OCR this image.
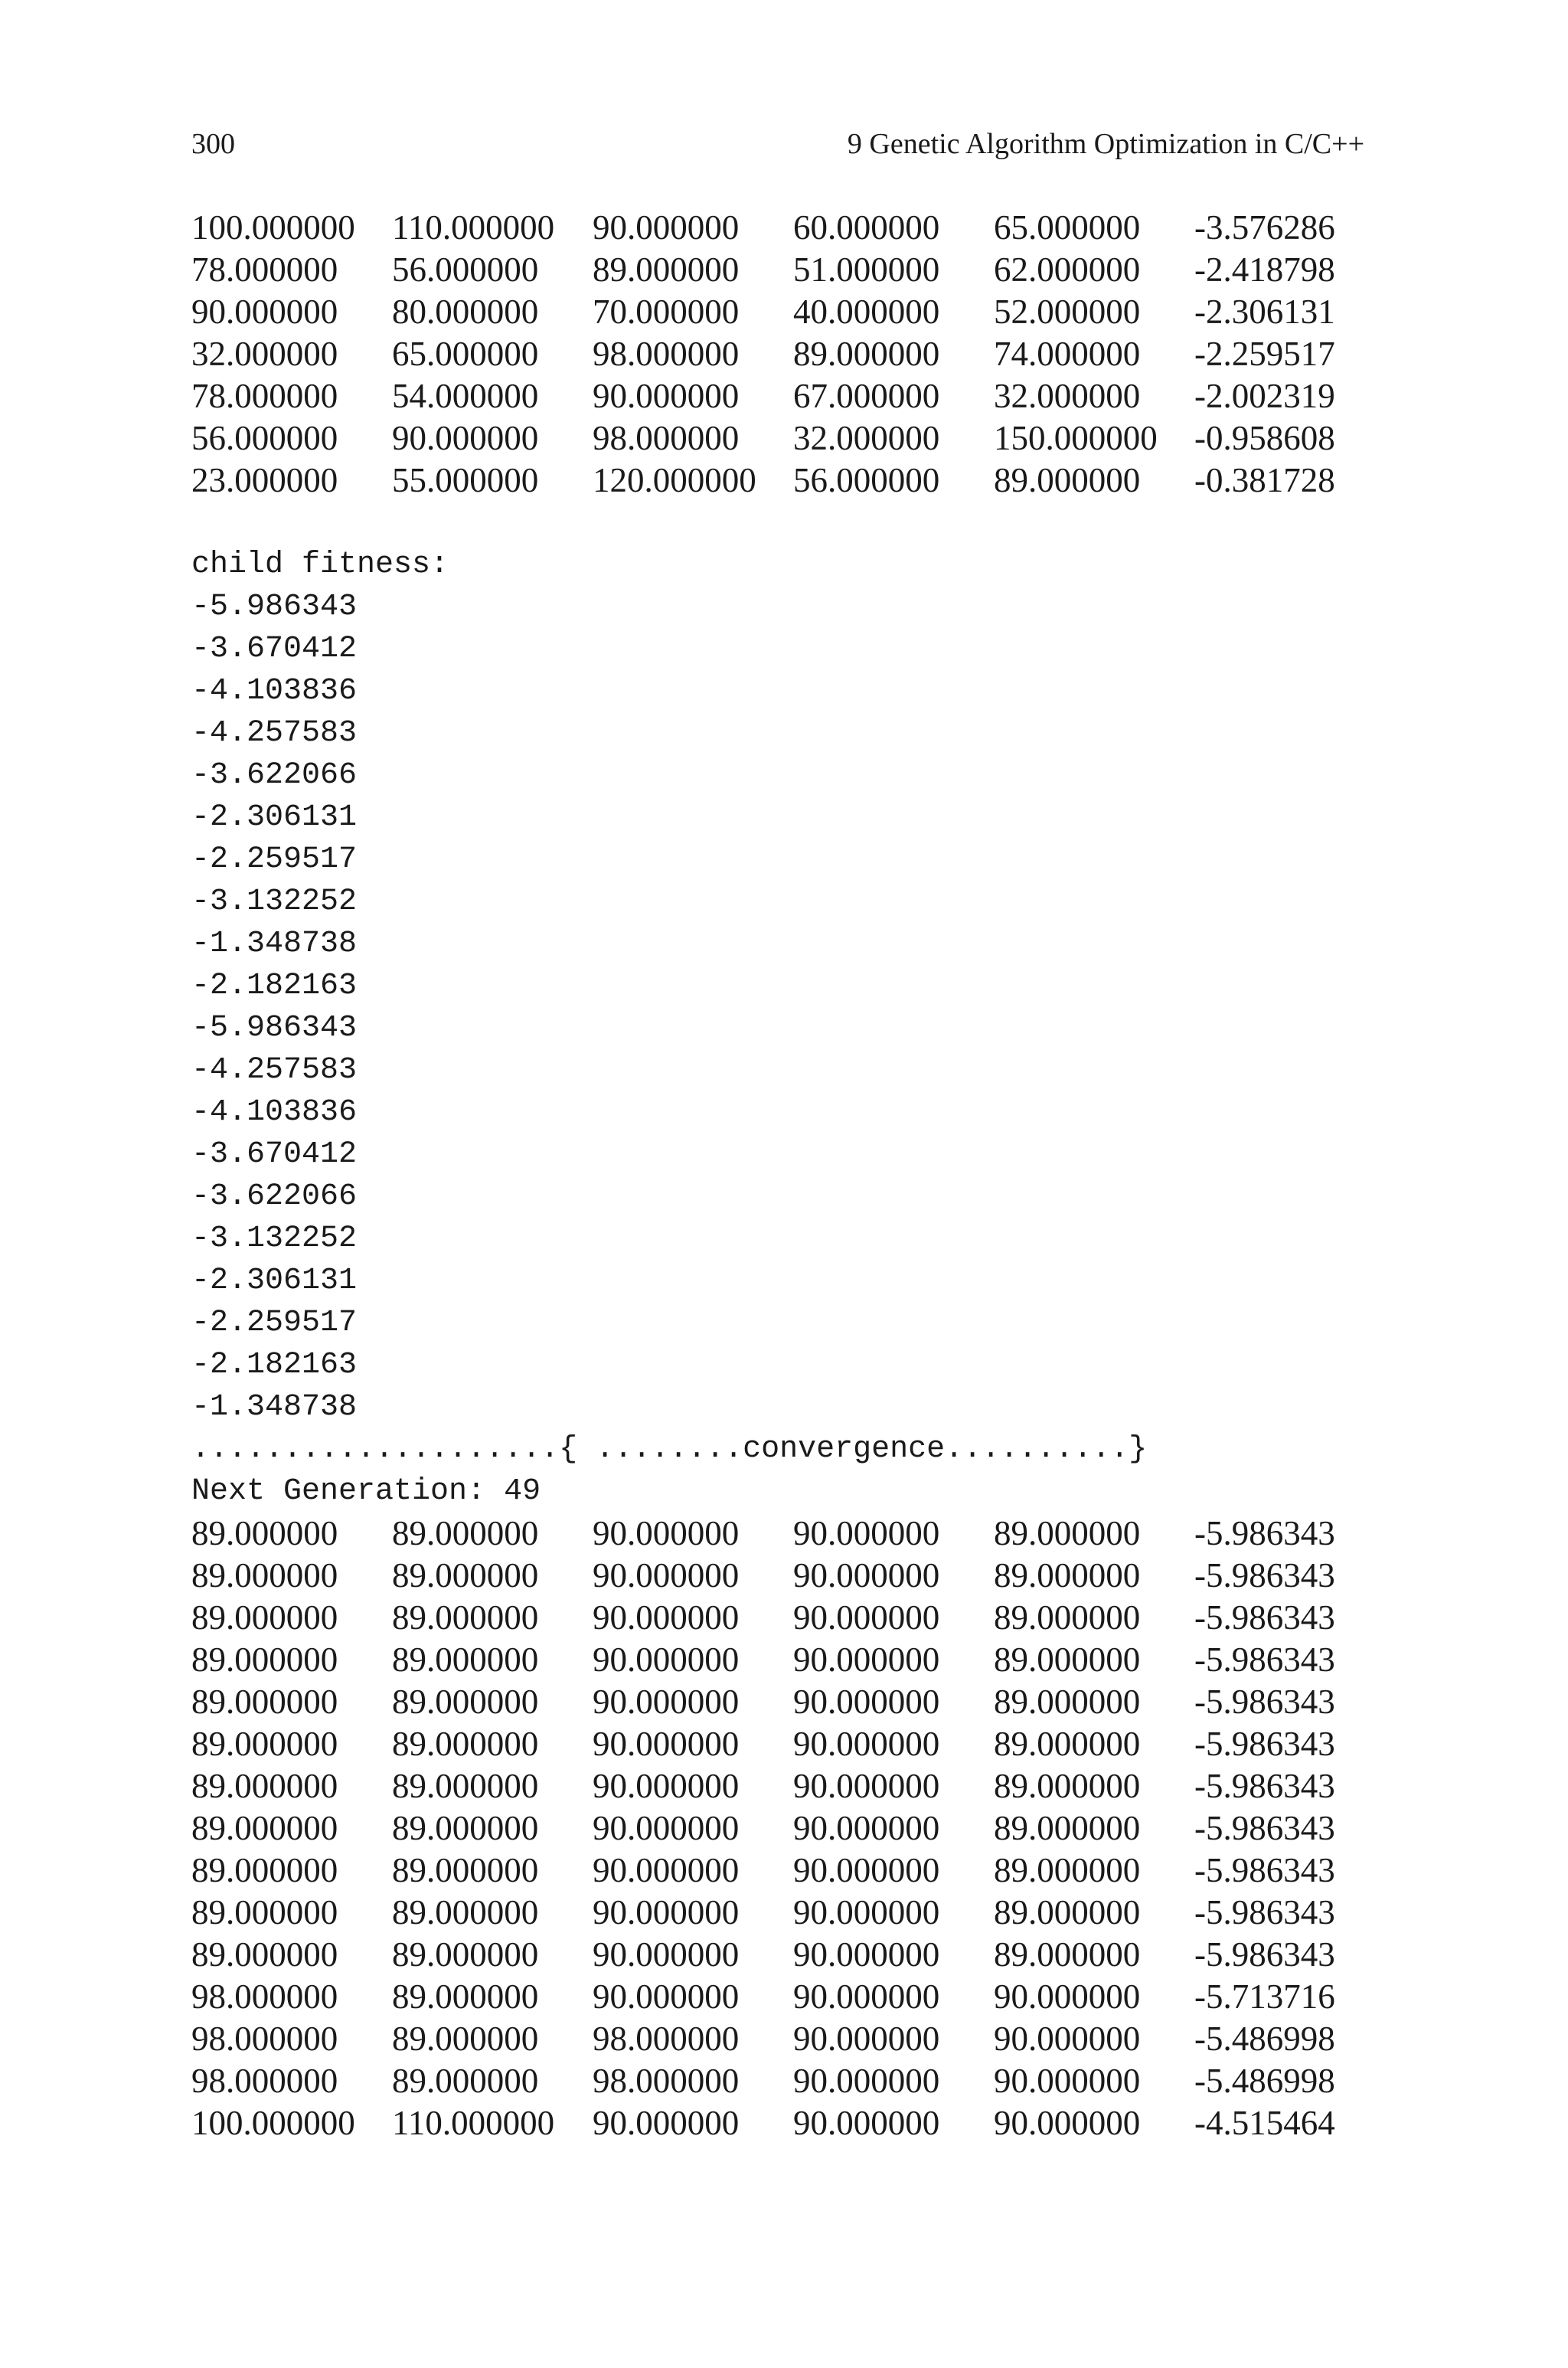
300	9 Genetic Algorithm Optimization in C/C++
100.000000 110.000000 90.000000 60.000000 65.000000 -3.576286
78.000000 56.000000 89.000000 51.000000 62.000000 -2.418798
90.000000 80.000000 70.000000 40.000000 52.000000 -2.306131
32.000000 65.000000 98.000000 89.000000 74.000000 -2.259517
78.000000 54.000000 90.000000 67.000000 32.000000 -2.002319
56.000000 90.000000 98.000000 32.000000 150.000000 -0.958608
23.000000 55.000000 120.000000 56.000000 89.000000 -0.381728
child fitness:
-5.986343
-3.670412
-4.103836
-4.257583
-3.622066
-2.306131
-2.259517
-3.132252
-1.348738
-2.182163
-5.986343
-4.257583
-4.103836
-3.670412
-3.622066
-3.132252
-2.306131
-2.259517
-2.182163
-1.348738
....................{ ........convergence..........}
Next Generation: 49
89.000000 89.000000 90.000000 90.000000 89.000000 -5.986343
89.000000 89.000000 90.000000 90.000000 89.000000 -5.986343
89.000000 89.000000 90.000000 90.000000 89.000000 -5.986343
89.000000 89.000000 90.000000 90.000000 89.000000 -5.986343
89.000000 89.000000 90.000000 90.000000 89.000000 -5.986343
89.000000 89.000000 90.000000 90.000000 89.000000 -5.986343
89.000000 89.000000 90.000000 90.000000 89.000000 -5.986343
89.000000 89.000000 90.000000 90.000000 89.000000 -5.986343
89.000000 89.000000 90.000000 90.000000 89.000000 -5.986343
89.000000 89.000000 90.000000 90.000000 89.000000 -5.986343
89.000000 89.000000 90.000000 90.000000 89.000000 -5.986343
98.000000 89.000000 90.000000 90.000000 90.000000 -5.713716
98.000000 89.000000 98.000000 90.000000 90.000000 -5.486998
98.000000 89.000000 98.000000 90.000000 90.000000 -5.486998
100.000000 110.000000 90.000000 90.000000 90.000000 -4.515464
